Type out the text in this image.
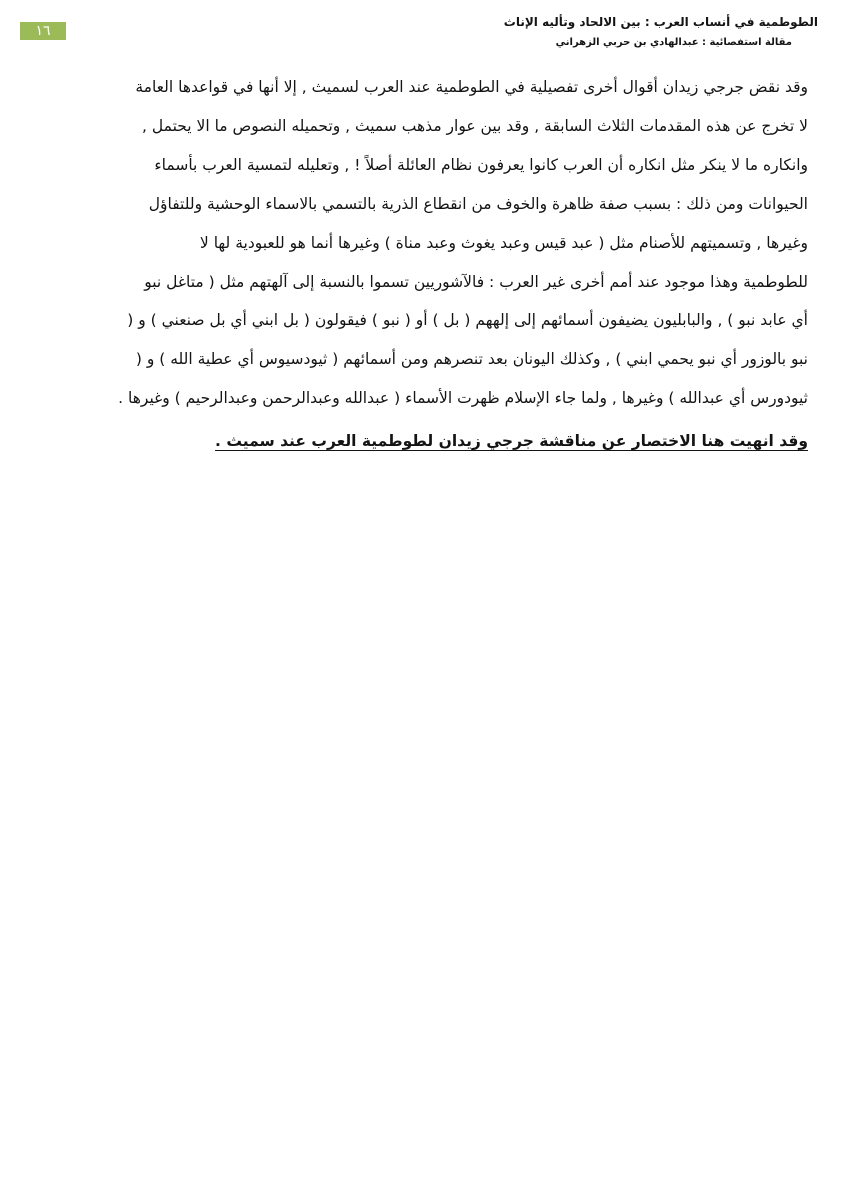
١٦
الطوطمية في أنساب العرب : بين الالحاد وتأليه الإناث
مقالة استفصائية : عبدالهادي بن حربي الزهراني
وقد نقض جرجي زيدان أقوال أخرى تفصيلية في الطوطمية عند العرب لسميث , إلا أنها في قواعدها العامة
لا تخرج عن هذه المقدمات الثلاث السابقة , وقد بين عوار مذهب سميث , وتحميله النصوص ما الا يحتمل ,
وانكاره ما لا ينكر مثل انكاره أن العرب كانوا يعرفون نظام العائلة أصلاً ! , وتعليله لتمسية العرب بأسماء
الحيوانات ومن ذلك : بسبب صفة ظاهرة والخوف من انقطاع الذرية بالتسمي بالاسماء الوحشية وللتفاؤل
وغيرها , وتسميتهم للأصنام مثل ( عبد قيس وعبد يغوث وعبد مناة ) وغيرها أنما هو للعبودية لها لا
للطوطمية وهذا موجود عند أمم أخرى غير العرب : فالآشوريين تسموا بالنسبة إلى آلهتهم مثل ( متاغل نبو
أي عابد نبو ) , والبابليون يضيفون أسمائهم إلى إلههم ( بل ) أو ( نبو ) فيقولون ( بل ابني أي بل صنعني ) و (
نبو بالوزور أي نبو يحمي ابني ) , وكذلك اليونان بعد تنصرهم ومن أسمائهم ( ثيودسيوس أي عطية الله ) و (
ثيودورس أي عبدالله ) وغيرها , ولما جاء الإسلام ظهرت الأسماء ( عبدالله وعبدالرحمن وعبدالرحيم ) وغيرها .
وقد انهيت هنا الاختصار عن مناقشة جرجي زيدان لطوطمية العرب عند سميث .
